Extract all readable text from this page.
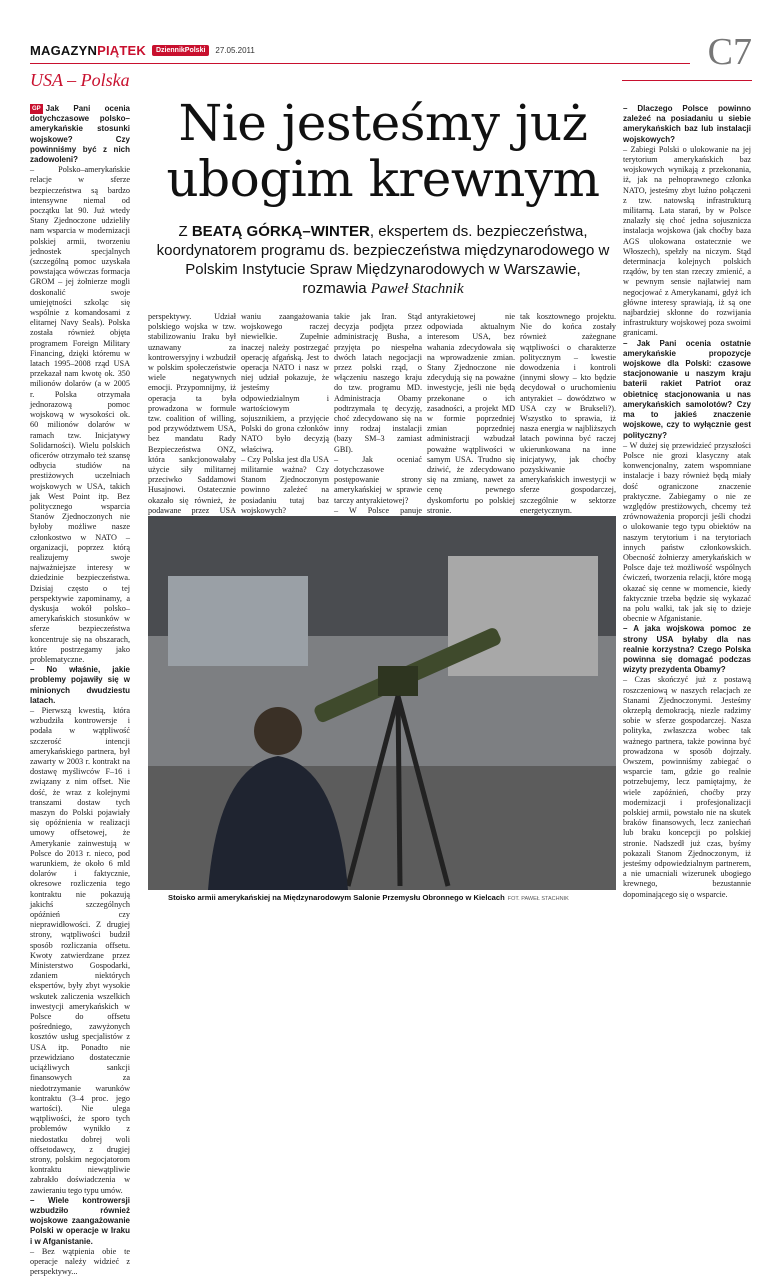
MAGAZYNPIĄTEK	DziennikPolski	27.05.2011
USA – Polska
C7

GP Jak Pani ocenia dotychczasowe polsko–amerykańskie stosunki wojskowe? Czy powinniśmy być z nich zadowoleni?

– Polsko–amerykańskie relacje w sferze bezpieczeństwa są bardzo intensywne niemal od początku lat 90. Już wtedy Stany Zjednoczone udzieliły nam wsparcia w modernizacji polskiej armii, tworzeniu jednostek specjalnych (szczególną pomoc uzyskała powstająca wówczas formacja GROM – jej żołnierze mogli doskonalić swoje umiejętności szkoląc się wspólnie z komandosami z elitarnej Navy Seals). Polska została również objęta programem Foreign Military Financing, dzięki któremu w latach 1995–2008 rząd USA przekazał nam kwotę ok. 350 milionów dolarów (a w 2005 r. Polska otrzymała jednorazową pomoc wojskową w wysokości ok. 60 milionów dolarów w ramach tzw. Inicjatywy Solidarności). Wielu polskich oficerów otrzymało też szansę odbycia studiów na prestiżowych uczelniach wojskowych w USA, takich jak West Point itp. Bez politycznego wsparcia Stanów Zjednoczonych nie byłoby możliwe nasze członkostwo w NATO – organizacji, poprzez którą realizujemy swoje najważniejsze interesy w dziedzinie bezpieczeństwa. Dzisiaj często o tej perspektywie zapominamy, a dyskusja wokół polsko–amerykańskich stosunków w sferze bezpieczeństwa koncentruje się na obszarach, które postrzegamy jako problematyczne.

– No właśnie, jakie problemy pojawiły się w minionych dwudziestu latach.

– Pierwszą kwestią, która wzbudziła kontrowersje i podała w wątpliwość szczerość intencji amerykańskiego partnera, był zawarty w 2003 r. kontrakt na dostawę myśliwców F–16 i związany z nim offset. Nie dość, że wraz z kolejnymi transzami dostaw tych maszyn do Polski pojawiały się opóźnienia w realizacji umowy offsetowej, że Amerykanie zainwestują w Polsce do 2013 r. nieco, pod warunkiem, że około 6 mld dolarów i faktycznie, okresowe rozliczenia tego kontraktu nie pokazują jakichś szczególnych opóźnień czy nieprawidłowości. Z drugiej strony, wątpliwości budził sposób rozliczania offsetu. Kwoty zatwierdzane przez Ministerstwo Gospodarki, zdaniem niektórych ekspertów, były zbyt wysokie wskutek zaliczenia wszelkich inwestycji amerykańskich w Polsce do offsetu pośredniego, zawyżonych kosztów usług specjalistów z USA itp. Ponadto nie przewidziano dostatecznie uciążliwych sankcji finansowych za niedotrzymanie warunków kontraktu (3–4 proc. jego wartości). Nie ulega wątpliwości, że sporo tych problemów wynikło z niedostatku dobrej woli offsetodawcy, z drugiej strony, polskim negocjatorom kontraktu niewątpliwie zabrakło doświadczenia w zawieraniu tego typu umów.

– Wiele kontrowersji wzbudziło również wojskowe zaangażowanie Polski w operacje w Iraku i w Afganistanie.

– Bez wątpienia obie te operacje należy widzieć z perspektywy...

Nie jesteśmy już ubogim krewnym
Z BEATĄ GÓRKĄ–WINTER, ekspertem ds. bezpieczeństwa, koordynatorem programu ds. bezpieczeństwa międzynarodowego w Polskim Instytucie Spraw Międzynarodowych w Warszawie,
rozmawia Paweł Stachnik

perspektywy. Udział polskiego wojska w tzw. stabilizowaniu Iraku był uznawany za kontrowersyjny i wzbudził w polskim społeczeństwie wiele negatywnych emocji. Przypomnijmy, iż operacja ta była prowadzona w formule tzw. coalition of willing, pod przywództwem USA, bez mandatu Rady Bezpieczeństwa ONZ, która sankcjonowałaby użycie siły militarnej przeciwko Saddamowi Husajnowi. Ostatecznie okazało się również, że podawane przez USA

waniu zaangażowania wojskowego raczej niewielkie. Zupełnie inaczej należy postrzegać operację afgańską. Jest to operacja NATO i nasz w niej udział pokazuje, że jesteśmy odpowiedzialnym i wartościowym sojusznikiem, a przyjęcie Polski do grona członków NATO było decyzją właściwą.
– Czy Polska jest dla USA militarnie ważna? Czy Stanom Zjednoczonym powinno zależeć na posiadaniu tutaj baz wojskowych?

takie jak Iran. Stąd decyzja podjęta przez administrację Busha, a przyjęta po niespełna dwóch latach negocjacji przez polski rząd, o włączeniu naszego kraju do tzw. programu MD. Administracja Obamy podtrzymała tę decyzję, choć zdecydowano się na inny rodzaj instalacji (bazy SM–3 zamiast GBI).
– Jak oceniać dotychczasowe postępowanie strony amerykańskiej w sprawie tarczy antyrakietowej?
– W Polsce panuje

antyrakietowej nie odpowiada aktualnym interesom USA, bez wahania zdecydowała się na wprowadzenie zmian. Stany Zjednoczone nie zdecydują się na poważne inwestycje, jeśli nie będą przekonane o ich zasadności, a projekt MD w formie poprzedniej zmian poprzedniej administracji wzbudzał poważne wątpliwości w samym USA. Trudno się dziwić, że zdecydowano się na zmianę, nawet za cenę pewnego dyskomfortu po polskiej stronie.

tak kosztownego projektu. Nie do końca zostały również zażegnane wątpliwości o charakterze politycznym – kwestie dowodzenia i kontroli (innymi słowy – kto będzie decydował o uruchomieniu antyrakiet – dowództwo w USA czy w Brukseli?). Wszystko to sprawia, iż nasza energia w najbliższych latach powinna być raczej ukierunkowana na inne inicjatywy, jak choćby pozyskiwanie amerykańskich inwestycji w sferze gospodarczej, szczególnie w sektorze energetycznym.

Stoisko armii amerykańskiej na Międzynarodowym Salonie Przemysłu Obronnego w Kielcach FOT. PAWEŁ STACHNIK

– Dlaczego Polsce powinno zależeć na posiadaniu u siebie amerykańskich baz lub instalacji wojskowych?

– Zabiegi Polski o ulokowanie na jej terytorium amerykańskich baz wojskowych wynikają z przekonania, iż, jak na pełnoprawnego członka NATO, jesteśmy zbyt luźno połączeni z tzw. natowską infrastrukturą militarną. Lata starań, by w Polsce znalazły się choć jedna sojusznicza instalacja wojskowa (jak choćby baza AGS ulokowana ostatecznie we Włoszech), spełzły na niczym. Stąd determinacja kolejnych polskich rządów, by ten stan rzeczy zmienić, a w pewnym sensie najłatwiej nam negocjować z Amerykanami, gdyż ich główne interesy sprawiają, iż są one najbardziej skłonne do rozwijania infrastruktury wojskowej poza swoimi granicami.

– Jak Pani ocenia ostatnie amerykańskie propozycje wojskowe dla Polski: czasowe stacjonowanie u naszym kraju baterii rakiet Patriot oraz obietnicę stacjonowania u nas amerykańskich samolotów? Czy ma to jakieś znaczenie wojskowe, czy to wyłącznie gest polityczny?

– W dużej się przewidzieć przyszłości Polsce nie grozi klasyczny atak konwencjonalny, zatem wspomniane instalacje i bazy również będą miały dość ograniczone znaczenie praktyczne. Zabiegamy o nie ze względów prestiżowych, chcemy też zrównoważenia proporcji jeśli chodzi o ulokowanie tego typu obiektów na naszym terytorium i na terytoriach innych państw członkowskich. Obecność żołnierzy amerykańskich w Polsce daje też możliwość wspólnych ćwiczeń, tworzenia relacji, które mogą okazać się cenne w momencie, kiedy faktycznie trzeba będzie się wykazać na polu walki, tak jak się to dzieje obecnie w Afganistanie.

– A jaka wojskowa pomoc ze strony USA byłaby dla nas realnie korzystna? Czego Polska powinna się domagać podczas wizyty prezydenta Obamy?

– Czas skończyć już z postawą roszczeniową w naszych relacjach ze Stanami Zjednoczonymi. Jesteśmy okrzepłą demokracją, niezle radzimy sobie w sferze gospodarczej. Nasza polityka, zwłaszcza wobec tak ważnego partnera, także powinna być prowadzona w sposób dojrzały. Owszem, powinniśmy zabiegać o wsparcie tam, gdzie go realnie potrzebujemy, lecz pamiętajmy, że wiele zapóźnień, choćby przy modernizacji i profesjonalizacji polskiej armii, powstało nie na skutek braków finansowych, lecz zaniechań lub braku koncepcji po polskiej stronie. Nadszedł już czas, byśmy pokazali Stanom Zjednoczonym, iż jesteśmy odpowiedzialnym partnerem, a nie umacniali wizerunek ubogiego krewnego, bezustannie dopominającego się o wsparcie.
